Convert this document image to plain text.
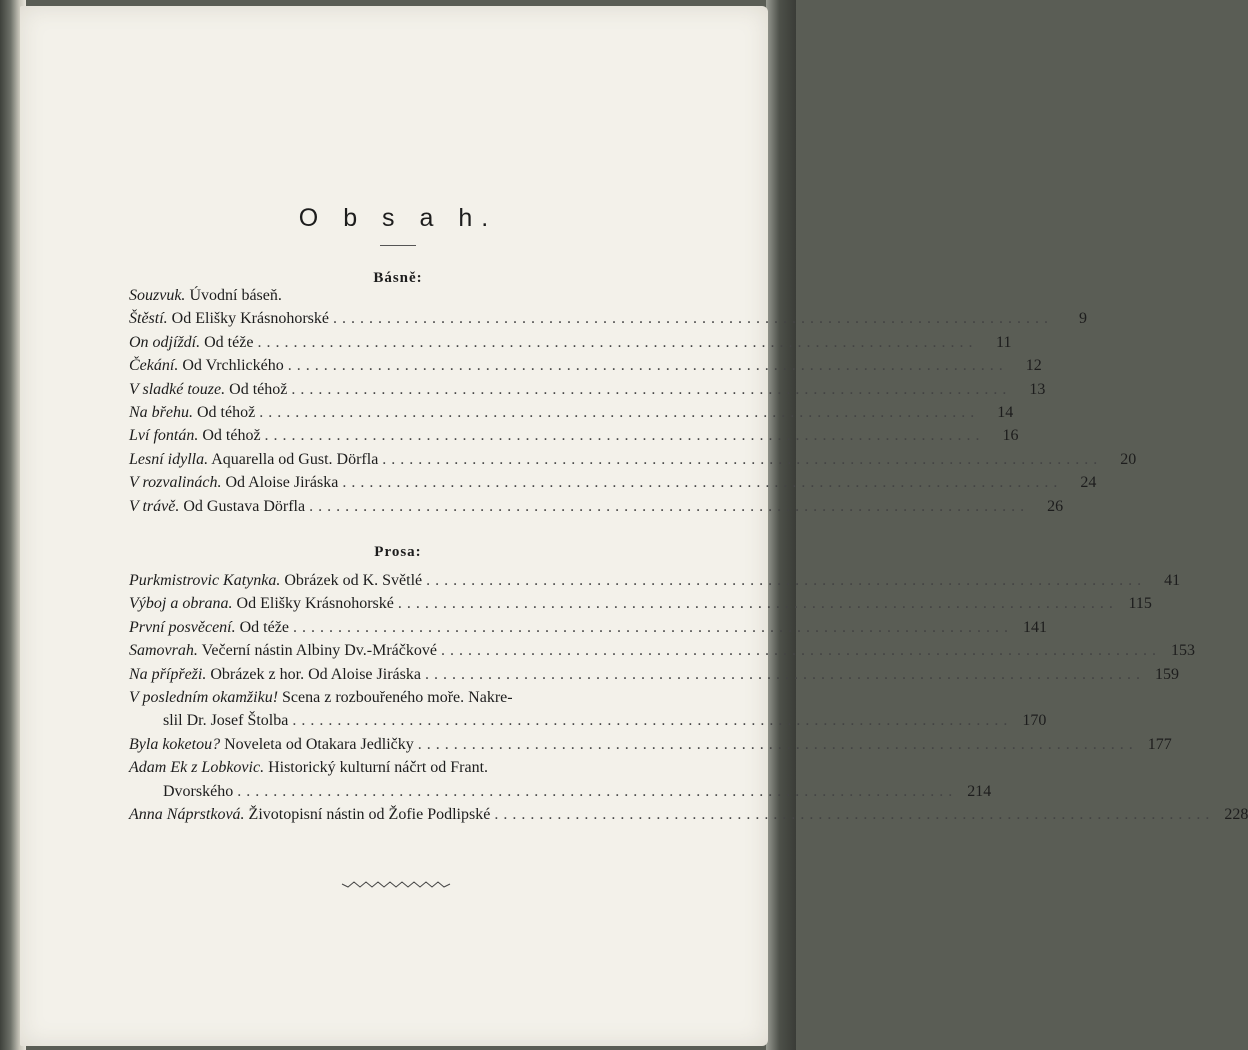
O b s a h.
Básně:
Souzvuk. Úvodní báseň.
Štěstí. Od Elišky Krásnohorské ................................................................................	9
On odjíždí. Od téže ................................................................................	11
Čekání. Od Vrchlického ................................................................................	12
V sladké touze. Od téhož ................................................................................	13
Na břehu. Od téhož ................................................................................	14
Lví fontán. Od téhož ................................................................................	16
Lesní idylla. Aquarella od Gust. Dörfla ................................................................................	20
V rozvalinách. Od Aloise Jiráska ................................................................................	24
V trávě. Od Gustava Dörfla ................................................................................	26
Prosa:
Purkmistrovic Katynka. Obrázek od K. Světlé ................................................................................	41
Výboj a obrana. Od Elišky Krásnohorské ................................................................................ 115
První posvěcení. Od téže ................................................................................ 141
Samovrah. Večerní nástin Albiny Dv.-Mráčkové ................................................................................ 153
Na přípřeži. Obrázek z hor. Od Aloise Jiráska ................................................................................ 159
V posledním okamžiku! Scena z rozbouřeného moře. Nakre-
slil Dr. Josef Štolba ................................................................................ 170
Byla koketou? Noveleta od Otakara Jedličky ................................................................................ 177
Adam Ek z Lobkovic. Historický kulturní náčrt od Frant.
Dvorského ................................................................................ 214
Anna Náprstková. Životopisní nástin od Žofie Podlipské ................................................................................ 228
